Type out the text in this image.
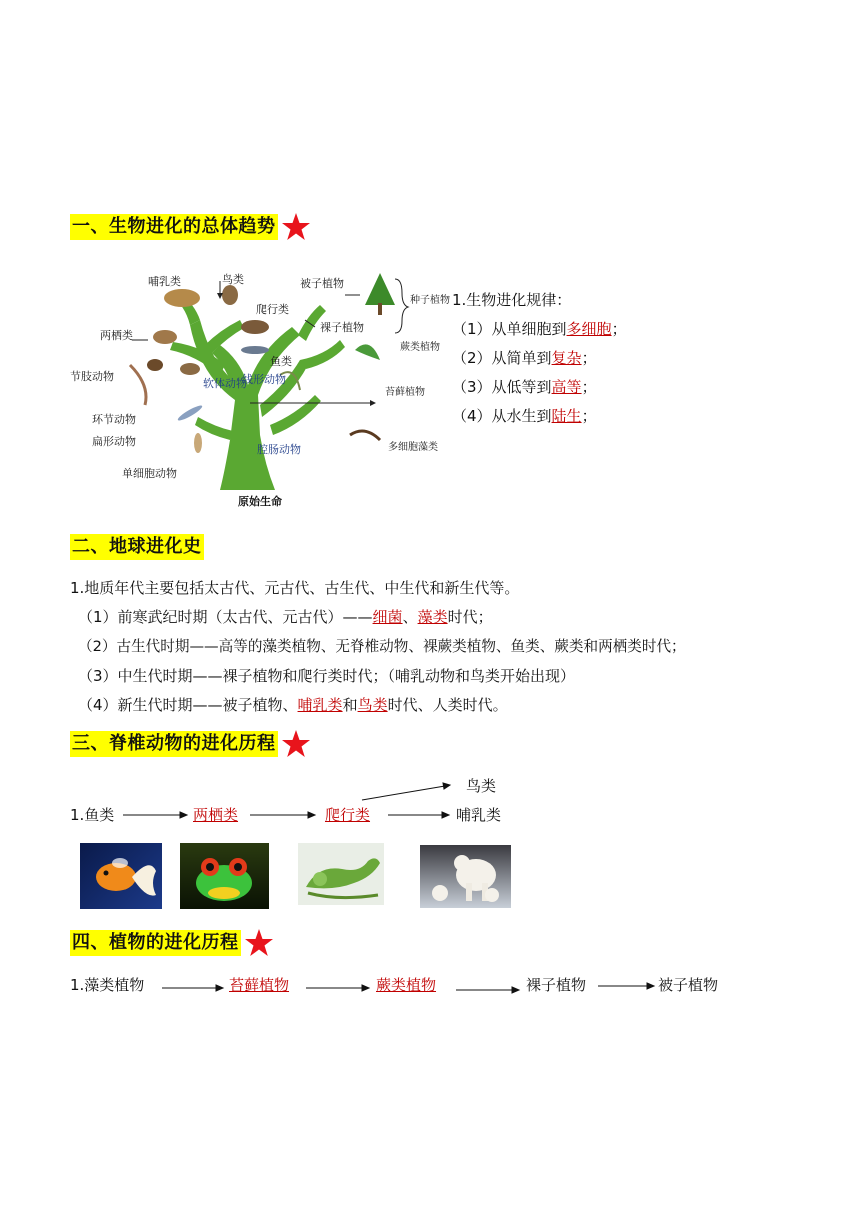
一、生物进化的总体趋势
哺乳类	鸟类
爬行类
两栖类
节肢动物
软体动物
鱼类
线形动物
环节动物
扁形动物
腔肠动物
单细胞动物
被子植物
裸子植物
种子植物
蕨类植物
苔藓植物
多细胞藻类
原始生命
1.生物进化规律：
（1）从单细胞到多细胞；
（2）从简单到复杂；
（3）从低等到高等；
（4）从水生到陆生；
二、地球进化史
1.地质年代主要包括太古代、元古代、古生代、中生代和新生代等。
（1）前寒武纪时期（太古代、元古代）——细菌、藻类时代；
（2）古生代时期——高等的藻类植物、无脊椎动物、裸蕨类植物、鱼类、蕨类和两栖类时代；
（3）中生代时期——裸子植物和爬行类时代；（哺乳动物和鸟类开始出现）
（4）新生代时期——被子植物、哺乳类和鸟类时代、人类时代。
三、脊椎动物的进化历程
鸟类
1.鱼类	两栖类	爬行类	哺乳类
四、植物的进化历程
1.藻类植物	苔藓植物	蕨类植物	裸子植物	被子植物
